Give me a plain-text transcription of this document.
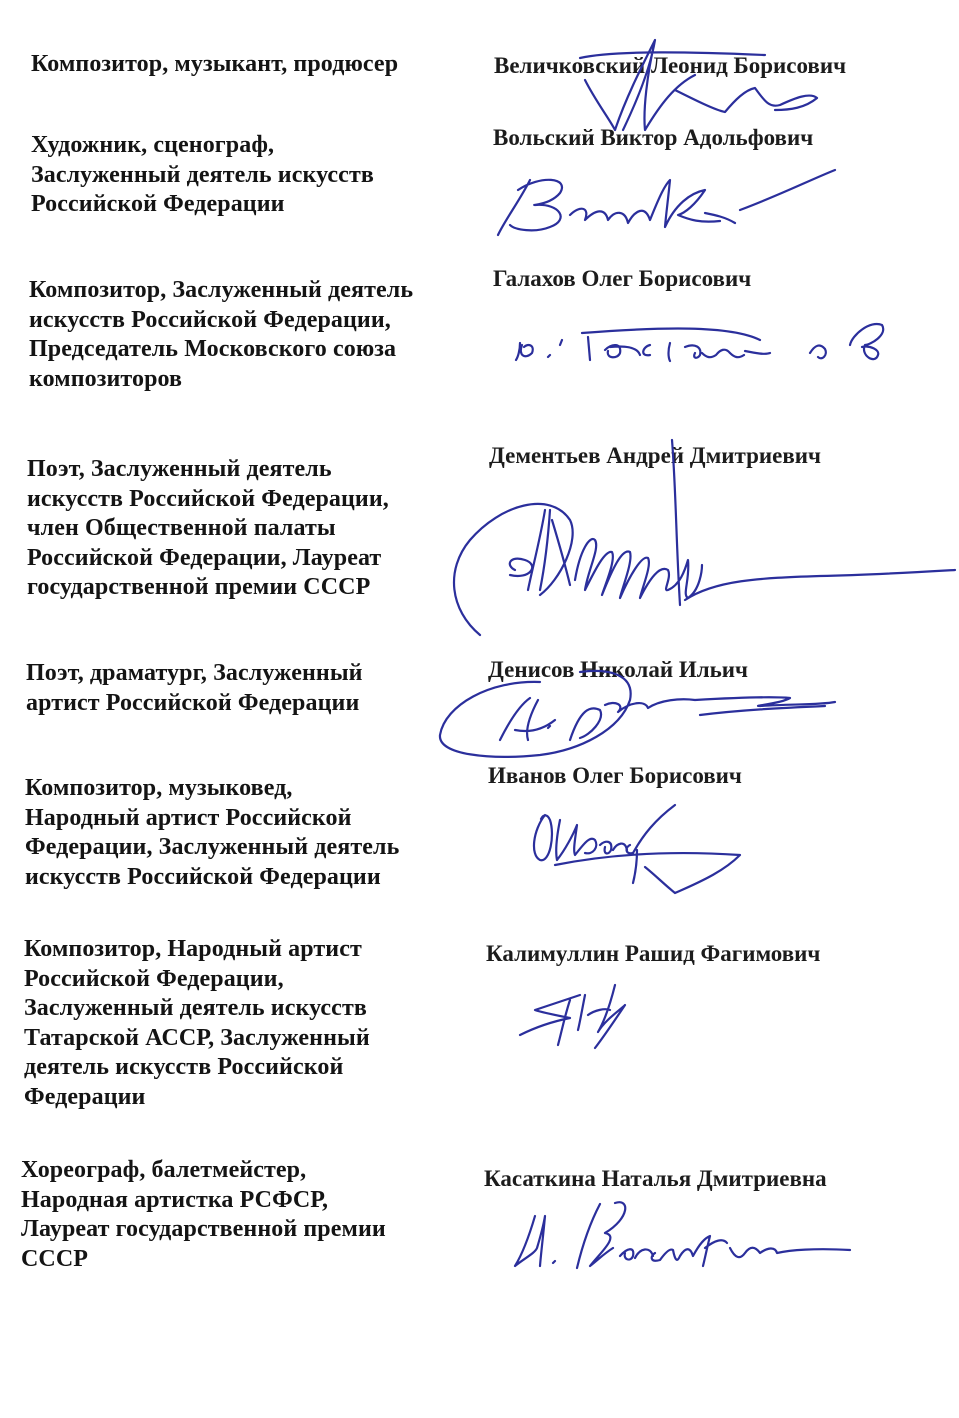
Композитор, музыкант, продюсер	Величковский Леонид Борисович
Художник, сценограф,
Заслуженный деятель искусств
Российской Федерации
Вольский Виктор Адольфович
Композитор, Заслуженный деятель
искусств Российской Федерации,
Председатель Московского союза
композиторов
Галахов Олег Борисович
Поэт, Заслуженный деятель
искусств Российской Федерации,
член Общественной палаты
Российской Федерации, Лауреат
государственной премии СССР
Дементьев Андрей Дмитриевич
Поэт, драматург, Заслуженный
артист Российской Федерации
Денисов Николай Ильич
Композитор, музыковед,
Народный артист Российской
Федерации, Заслуженный деятель
искусств Российской Федерации
Иванов Олег Борисович
Композитор, Народный артист
Российской Федерации,
Заслуженный деятель искусств
Татарской АССР, Заслуженный
деятель искусств Российской
Федерации
Калимуллин Рашид Фагимович
Хореограф, балетмейстер,
Народная артистка РСФСР,
Лауреат государственной премии
СССР
Касаткина Наталья Дмитриевна
